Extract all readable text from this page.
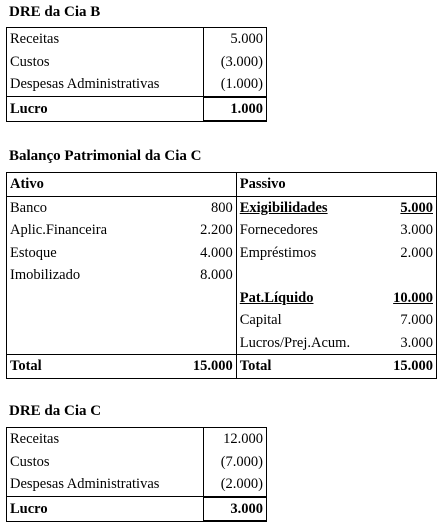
DRE da Cia B
Receitas	5.000
Custos	(3.000)
Despesas Administrativas	(1.000)
Lucro	1.000
Balanço Patrimonial da Cia C
Ativo		Passivo	
Banco	800	Exigibilidades	5.000
Aplic.Financeira	2.200	Fornecedores	3.000
Estoque	4.000	Empréstimos	2.000
Imobilizado	8.000		
		Pat.Líquido	10.000
		Capital	7.000
		Lucros/Prej.Acum.	3.000
Total	15.000	Total	15.000
DRE da Cia C
Receitas	12.000
Custos	(7.000)
Despesas Administrativas	(2.000)
Lucro	3.000
